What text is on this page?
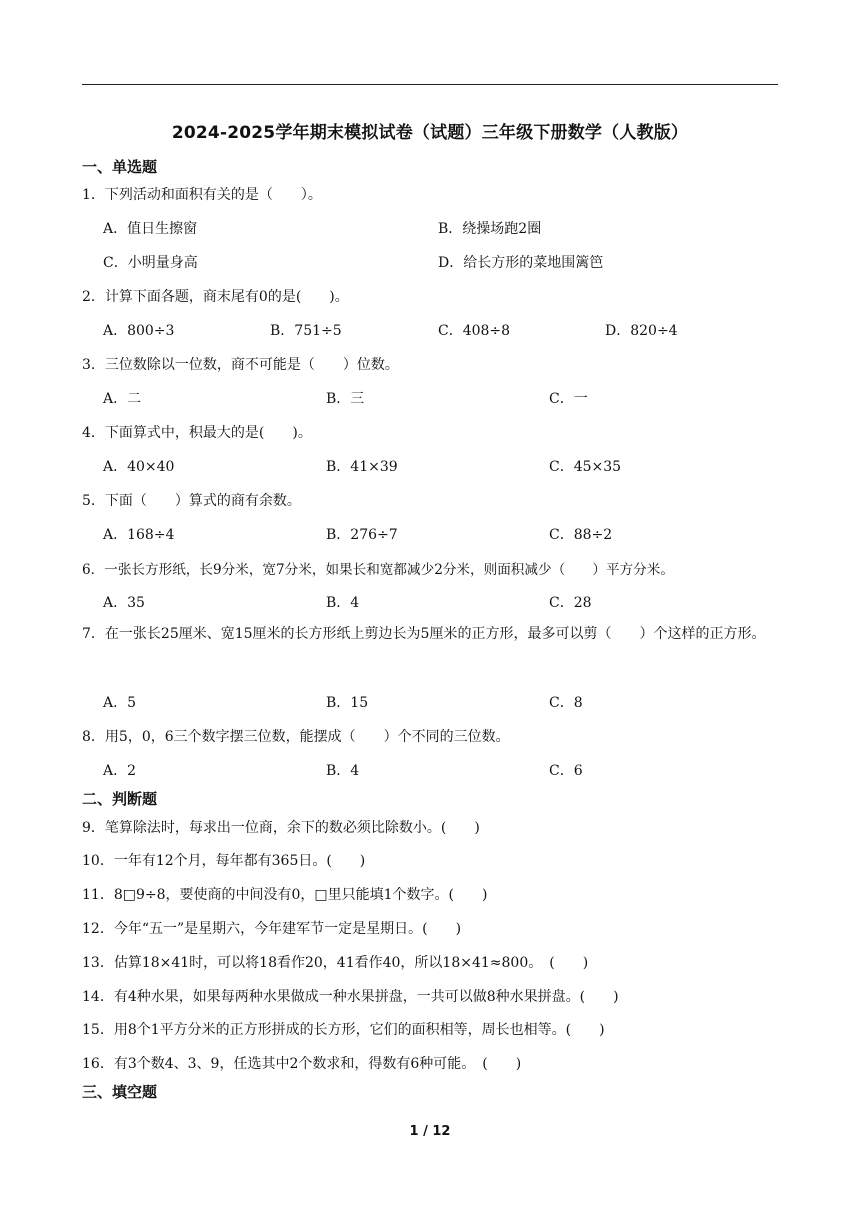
2024-2025学年期末模拟试卷（试题）三年级下册数学（人教版）
一、单选题
1．下列活动和面积有关的是（　　）。
A．值日生擦窗	B．绕操场跑2圈
C．小明量身高	D．给长方形的菜地围篱笆
2．计算下面各题，商末尾有0的是(　　)。
A．800÷3	B．751÷5	C．408÷8	D．820÷4
3．三位数除以一位数，商不可能是（　　）位数。
A．二	B．三	C．一
4．下面算式中，积最大的是(　　)。
A．40×40	B．41×39	C．45×35
5．下面（　　）算式的商有余数。
A．168÷4	B．276÷7	C．88÷2
6．一张长方形纸，长9分米，宽7分米，如果长和宽都减少2分米，则面积减少（　　）平方分米。
A．35	B．4	C．28
7．在一张长25厘米、宽15厘米的长方形纸上剪边长为5厘米的正方形，最多可以剪（　　）个这样的正方形。
A．5	B．15	C．8
8．用5，0，6三个数字摆三位数，能摆成（　　）个不同的三位数。
A．2	B．4	C．6
二、判断题
9．笔算除法时，每求出一位商，余下的数必须比除数小。(　　)
10．一年有12个月，每年都有365日。(　　)
11．8□9÷8，要使商的中间没有0，□里只能填1个数字。(　　)
12．今年“五一”是星期六，今年建军节一定是星期日。(　　)
13．估算18×41时，可以将18看作20，41看作40，所以18×41≈800。　(　　)
14．有4种水果，如果每两种水果做成一种水果拼盘，一共可以做8种水果拼盘。(　　)
15．用8个1平方分米的正方形拼成的长方形，它们的面积相等，周长也相等。(　　)
16．有3个数4、3、9，任选其中2个数求和，得数有6种可能。　(　　)
三、填空题
1 / 12
